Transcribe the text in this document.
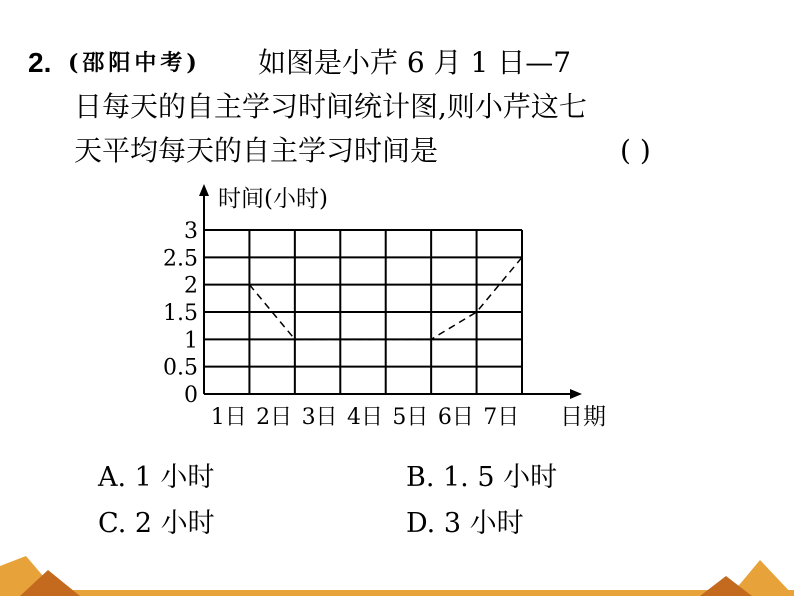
2. (邵阳中考) 如图是小芹 6 月 1 日—7
日每天的自主学习时间统计图,则小芹这七
天平均每天的自主学习时间是	( )
0
0.5
1
1.5
2
2.5
3
1日 2日 3日 4日 5日 6日 7日
时间(小时)
日期
A. 1 小时	B. 1. 5 小时
C. 2 小时	D. 3 小时
